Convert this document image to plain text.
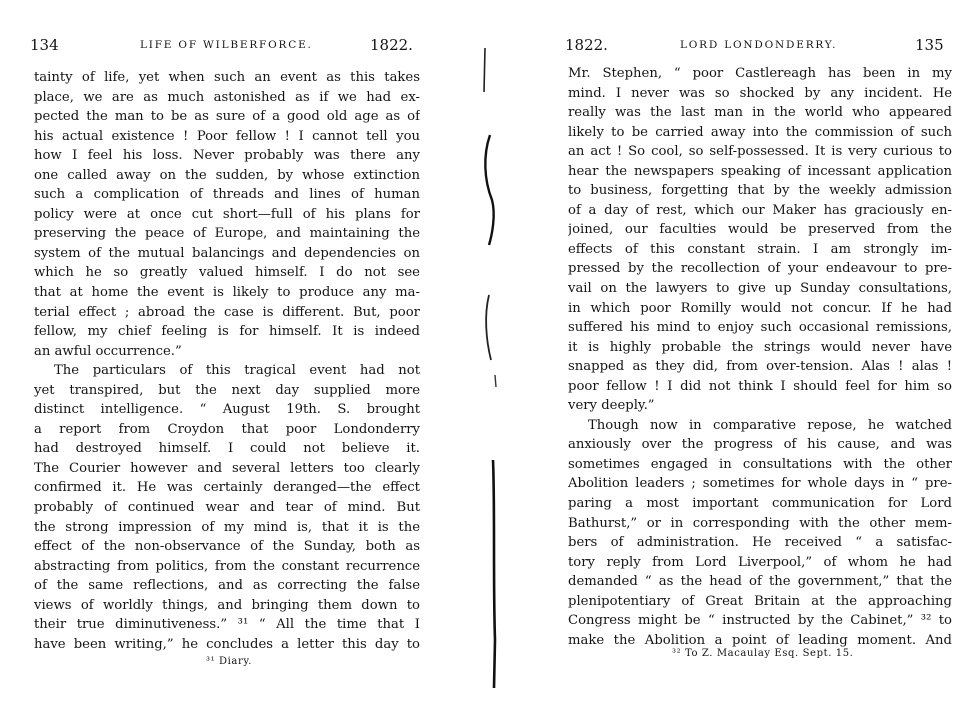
134	LIFE OF WILBERFORCE.	1822.
tainty of life, yet when such an event as this takes
place, we are as much astonished as if we had ex-
pected the man to be as sure of a good old age as of
his actual existence ! Poor fellow ! I cannot tell you
how I feel his loss. Never probably was there any
one called away on the sudden, by whose extinction
such a complication of threads and lines of human
policy were at once cut short—full of his plans for
preserving the peace of Europe, and maintaining the
system of the mutual balancings and dependencies on
which he so greatly valued himself. I do not see
that at home the event is likely to produce any ma-
terial effect ; abroad the case is different. But, poor
fellow, my chief feeling is for himself. It is indeed
an awful occurrence.”
The particulars of this tragical event had not
yet transpired, but the next day supplied more
distinct intelligence. “ August 19th. S. brought
a report from Croydon that poor Londonderry
had destroyed himself. I could not believe it.
The Courier however and several letters too clearly
confirmed it. He was certainly deranged—the effect
probably of continued wear and tear of mind. But
the strong impression of my mind is, that it is the
effect of the non-observance of the Sunday, both as
abstracting from politics, from the constant recurrence
of the same reflections, and as correcting the false
views of worldly things, and bringing them down to
their true diminutiveness.” ³¹ “ All the time that I
have been writing,” he concludes a letter this day to
³¹ Diary.
1822.	LORD LONDONDERRY.	135
Mr. Stephen, “ poor Castlereagh has been in my
mind. I never was so shocked by any incident. He
really was the last man in the world who appeared
likely to be carried away into the commission of such
an act ! So cool, so self-possessed. It is very curious to
hear the newspapers speaking of incessant application
to business, forgetting that by the weekly admission
of a day of rest, which our Maker has graciously en-
joined, our faculties would be preserved from the
effects of this constant strain. I am strongly im-
pressed by the recollection of your endeavour to pre-
vail on the lawyers to give up Sunday consultations,
in which poor Romilly would not concur. If he had
suffered his mind to enjoy such occasional remissions,
it is highly probable the strings would never have
snapped as they did, from over-tension. Alas ! alas !
poor fellow ! I did not think I should feel for him so
very deeply.”
Though now in comparative repose, he watched
anxiously over the progress of his cause, and was
sometimes engaged in consultations with the other
Abolition leaders ; sometimes for whole days in “ pre-
paring a most important communication for Lord
Bathurst,” or in corresponding with the other mem-
bers of administration. He received “ a satisfac-
tory reply from Lord Liverpool,” of whom he had
demanded “ as the head of the government,” that the
plenipotentiary of Great Britain at the approaching
Congress might be “ instructed by the Cabinet,” ³² to
make the Abolition a point of leading moment. And
³² To Z. Macaulay Esq. Sept. 15.
